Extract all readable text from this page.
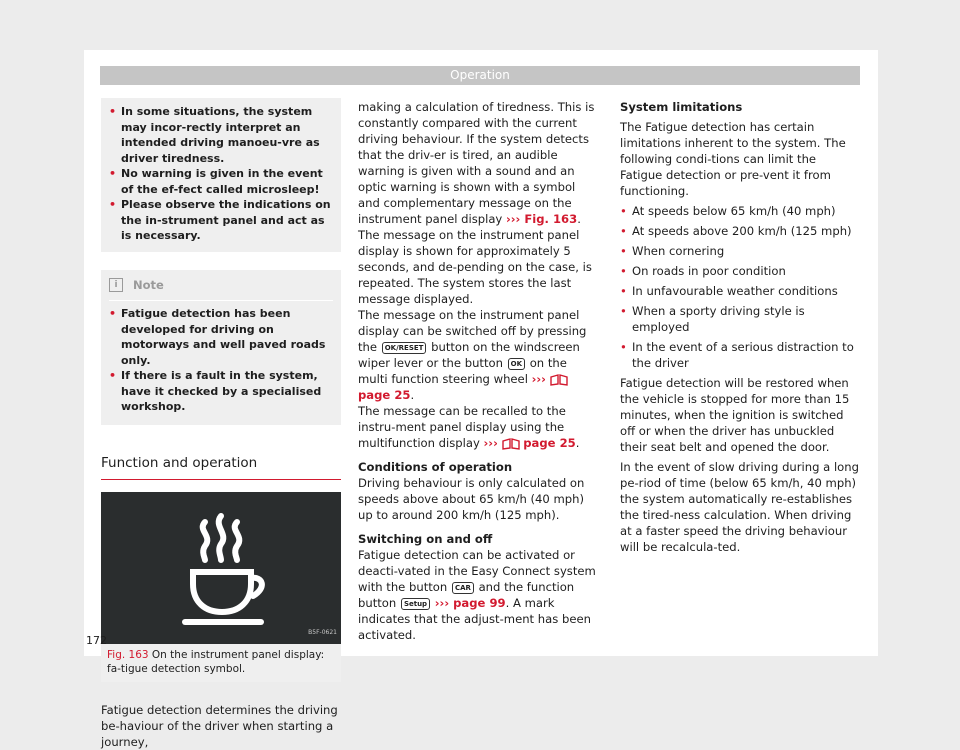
Operation

• In some situations, the system may incor-rectly interpret an intended driving manoeu-vre as driver tiredness.

• No warning is given in the event of the ef-fect called microsleep!

• Please observe the indications on the in-strument panel and act as is necessary.

i	Note

• Fatigue detection has been developed for driving on motorways and well paved roads only.

• If there is a fault in the system, have it checked by a specialised workshop.

Function and operation
B5F-0621
Fig. 163 On the instrument panel display: fa-tigue detection symbol.

Fatigue detection determines the driving be-haviour of the driver when starting a journey,

making a calculation of tiredness. This is constantly compared with the current driving behaviour. If the system detects that the driv-er is tired, an audible warning is given with a sound and an optic warning is shown with a symbol and complementary message on the instrument panel display ››› Fig. 163. The message on the instrument panel display is shown for approximately 5 seconds, and de-pending on the case, is repeated. The system stores the last message displayed.

The message on the instrument panel display can be switched off by pressing the OK/RESET button on the windscreen wiper lever or the button OK on the multi function steering wheel ›››  page 25.

The message can be recalled to the instru-ment panel display using the multifunction display ››› page 25.

Conditions of operation

Driving behaviour is only calculated on speeds above about 65 km/h (40 mph) up to around 200 km/h (125 mph).

Switching on and off

Fatigue detection can be activated or deacti-vated in the Easy Connect system with the button CAR and the function button Setup ››› page 99. A mark indicates that the adjust-ment has been activated.

System limitations

The Fatigue detection has certain limitations inherent to the system. The following condi-tions can limit the Fatigue detection or pre-vent it from functioning.

• At speeds below 65 km/h (40 mph)

• At speeds above 200 km/h (125 mph)

• When cornering

• On roads in poor condition

• In unfavourable weather conditions

• When a sporty driving style is employed

• In the event of a serious distraction to the driver

Fatigue detection will be restored when the vehicle is stopped for more than 15 minutes, when the ignition is switched off or when the driver has unbuckled their seat belt and opened the door.

In the event of slow driving during a long pe-riod of time (below 65 km/h, 40 mph) the system automatically re-establishes the tired-ness calculation. When driving at a faster speed the driving behaviour will be recalcula-ted.

172
